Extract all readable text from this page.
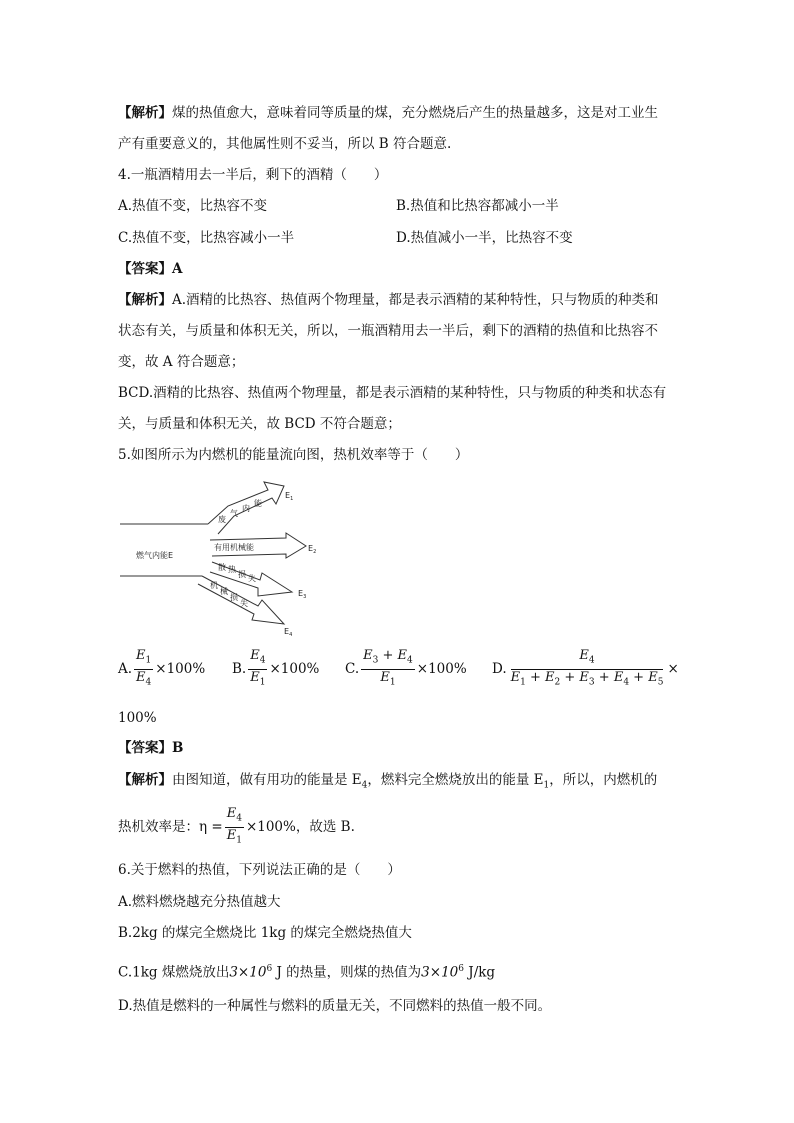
【解析】煤的热值愈大，意味着同等质量的煤，充分燃烧后产生的热量越多，这是对工业生
产有重要意义的，其他属性则不妥当，所以 B 符合题意.
4.一瓶酒精用去一半后，剩下的酒精（　　）
A.热值不变，比热容不变	B.热值和比热容都减小一半
C.热值不变，比热容减小一半	D.热值减小一半，比热容不变
【答案】A
【解析】A.酒精的比热容、热值两个物理量，都是表示酒精的某种特性，只与物质的种类和
状态有关，与质量和体积无关，所以，一瓶酒精用去一半后，剩下的酒精的热值和比热容不
变，故 A 符合题意；
BCD.酒精的比热容、热值两个物理量，都是表示酒精的某种特性，只与物质的种类和状态有
关，与质量和体积无关，故 BCD 不符合题意；
5.如图所示为内燃机的能量流向图，热机效率等于（　　）
燃气内能E
废
气
内
能
有用机械能
散 热
损 失
机
械
损
失
$E_1$
$E_2$
$E_3$
$E_4$
A. $\frac{E_1}{E_4} \times 100\%$ B. $\frac{E_4}{E_1} \times 100\%$ C. $\frac{E_3 + E_4}{E_1} \times 100\%$ D. $\frac{E_4}{E_1 + E_2 + E_3 + E_4 + E_5}$ ×
100%
【答案】B
【解析】由图知道，做有用功的能量是 $E_4$，燃料完全燃烧放出的能量 $E_1$，所以，内燃机的
热机效率是：$\eta = \frac{E_4}{E_1} \times 100\%$ ，故选 B.
6.关于燃料的热值，下列说法正确的是（　　）
A.燃料燃烧越充分热值越大
B.2kg 的煤完全燃烧比 1kg 的煤完全燃烧热值大
C.1kg 煤燃烧放出$3\times 10^6$ J 的热量，则煤的热值为$3\times 10^6$ J/kg
D.热值是燃料的一种属性与燃料的质量无关，不同燃料的热值一般不同。
